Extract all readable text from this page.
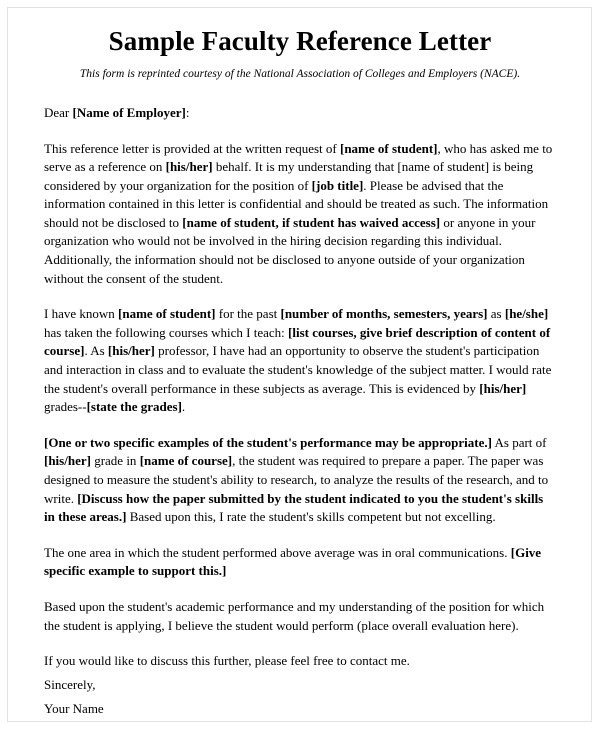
Sample Faculty Reference Letter

This form is reprinted courtesy of the National Association of Colleges and Employers (NACE).

Dear [Name of Employer]:

This reference letter is provided at the written request of [name of student], who has asked me to serve as a reference on [his/her] behalf. It is my understanding that [name of student] is being considered by your organization for the position of [job title]. Please be advised that the information contained in this letter is confidential and should be treated as such. The information should not be disclosed to [name of student, if student has waived access] or anyone in your organization who would not be involved in the hiring decision regarding this individual. Additionally, the information should not be disclosed to anyone outside of your organization without the consent of the student.

I have known [name of student] for the past [number of months, semesters, years] as [he/she] has taken the following courses which I teach: [list courses, give brief description of content of course]. As [his/her] professor, I have had an opportunity to observe the student's participation and interaction in class and to evaluate the student's knowledge of the subject matter. I would rate the student's overall performance in these subjects as average. This is evidenced by [his/her] grades--[state the grades].

[One or two specific examples of the student's performance may be appropriate.] As part of [his/her] grade in [name of course], the student was required to prepare a paper. The paper was designed to measure the student's ability to research, to analyze the results of the research, and to write. [Discuss how the paper submitted by the student indicated to you the student's skills in these areas.] Based upon this, I rate the student's skills competent but not excelling.

The one area in which the student performed above average was in oral communications. [Give specific example to support this.]

Based upon the student's academic performance and my understanding of the position for which the student is applying, I believe the student would perform (place overall evaluation here).

If you would like to discuss this further, please feel free to contact me.

Sincerely,
Your Name
